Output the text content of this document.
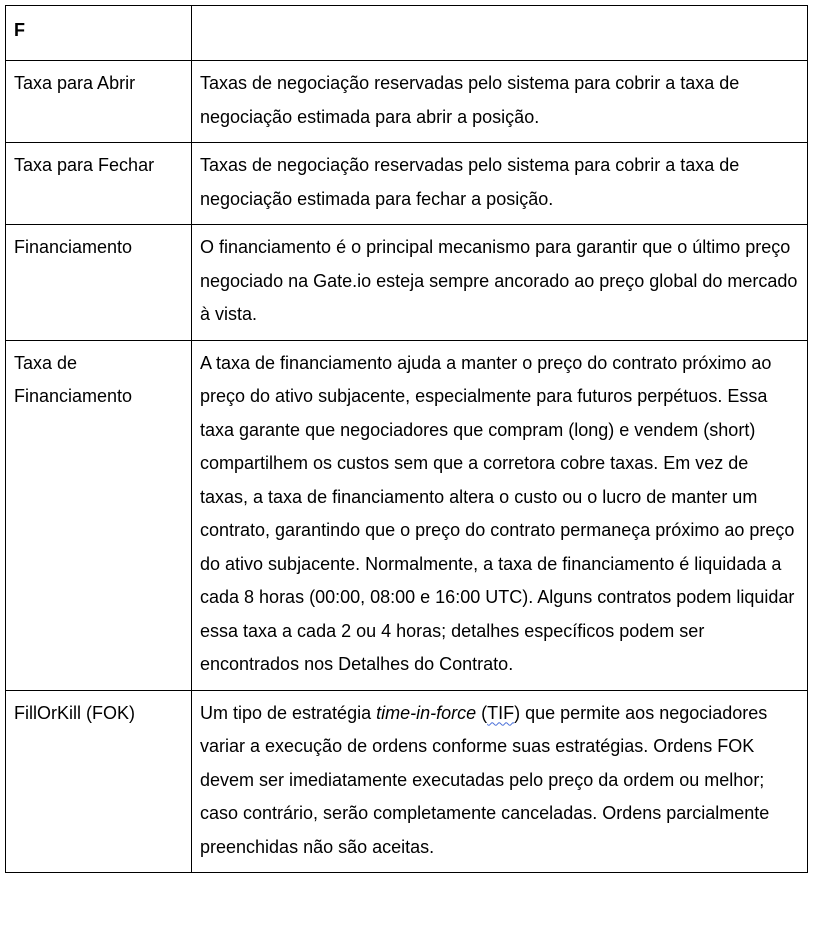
F	
Taxa para Abrir	Taxas de negociação reservadas pelo sistema para cobrir a taxa de negociação estimada para abrir a posição.
Taxa para Fechar	Taxas de negociação reservadas pelo sistema para cobrir a taxa de negociação estimada para fechar a posição.
Financiamento	O financiamento é o principal mecanismo para garantir que o último preço negociado na Gate.io esteja sempre ancorado ao preço global do mercado à vista.
Taxa de Financiamento	A taxa de financiamento ajuda a manter o preço do contrato próximo ao preço do ativo subjacente, especialmente para futuros perpétuos. Essa taxa garante que negociadores que compram (long) e vendem (short) compartilhem os custos sem que a corretora cobre taxas. Em vez de taxas, a taxa de financiamento altera o custo ou o lucro de manter um contrato, garantindo que o preço do contrato permaneça próximo ao preço do ativo subjacente. Normalmente, a taxa de financiamento é liquidada a cada 8 horas (00:00, 08:00 e 16:00 UTC). Alguns contratos podem liquidar essa taxa a cada 2 ou 4 horas; detalhes específicos podem ser encontrados nos Detalhes do Contrato.
FillOrKill (FOK)	Um tipo de estratégia time-in-force (TIF) que permite aos negociadores variar a execução de ordens conforme suas estratégias. Ordens FOK devem ser imediatamente executadas pelo preço da ordem ou melhor; caso contrário, serão completamente canceladas. Ordens parcialmente preenchidas não são aceitas.
